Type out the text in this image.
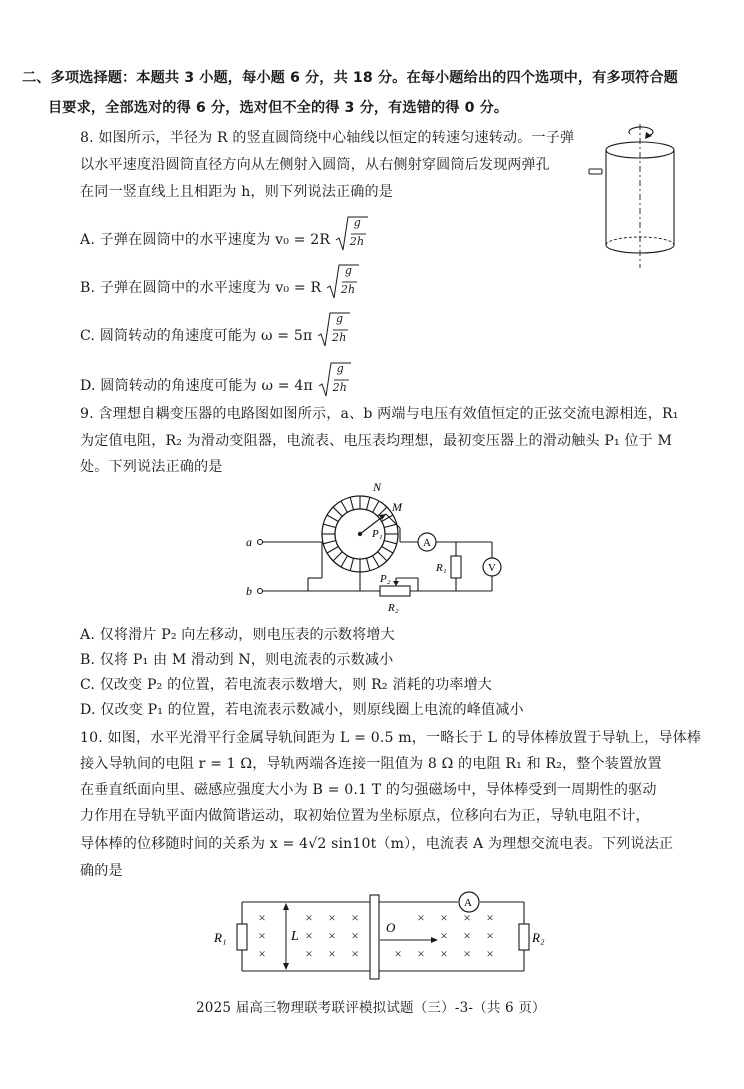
二、多项选择题：本题共 3 小题，每小题 6 分，共 18 分。在每小题给出的四个选项中，有多项符合题
目要求，全部选对的得 6 分，选对但不全的得 3 分，有选错的得 0 分。
8. 如图所示，半径为 R 的竖直圆筒绕中心轴线以恒定的转速匀速转动。一子弹
以水平速度沿圆筒直径方向从左侧射入圆筒，从右侧射穿圆筒后发现两弹孔
在同一竖直线上且相距为 h，则下列说法正确的是
A. 子弹在圆筒中的水平速度为 v₀ = 2R
g
2h
B. 子弹在圆筒中的水平速度为 v₀ = R
g
2h
C. 圆筒转动的角速度可能为 ω = 5π
g
2h
D. 圆筒转动的角速度可能为 ω = 4π
g
2h
9. 含理想自耦变压器的电路图如图所示，a、b 两端与电压有效值恒定的正弦交流电源相连，R₁
为定值电阻，R₂ 为滑动变阻器，电流表、电压表均理想，最初变压器上的滑动触头 P₁ 位于 M
处。下列说法正确的是
N
M
P₁
a
b
A
V
R₁
P₂
R₂
A. 仅将滑片 P₂ 向左移动，则电压表的示数将增大
B. 仅将 P₁ 由 M 滑动到 N，则电流表的示数减小
C. 仅改变 P₂ 的位置，若电流表示数增大，则 R₂ 消耗的功率增大
D. 仅改变 P₁ 的位置，若电流表示数减小，则原线圈上电流的峰值减小
10. 如图，水平光滑平行金属导轨间距为 L = 0.5 m，一略长于 L 的导体棒放置于导轨上，导体棒
接入导轨间的电阻 r = 1 Ω，导轨两端各连接一阻值为 8 Ω 的电阻 R₁ 和 R₂，整个装置放置
在垂直纸面向里、磁感应强度大小为 B = 0.1 T 的匀强磁场中，导体棒受到一周期性的驱动
力作用在导轨平面内做简谐运动，取初始位置为坐标原点，位移向右为正，导轨电阻不计，
导体棒的位移随时间的关系为 x = 4√2 sin10t（m），电流表 A 为理想交流电表。下列说法正
确的是
×	× × ×
×	× × ×
×	× × ×
× × × ×
× × ×
× × × × ×
R₁	R₂
L
O
A
2025 届高三物理联考联评模拟试题（三）-3-（共 6 页）
